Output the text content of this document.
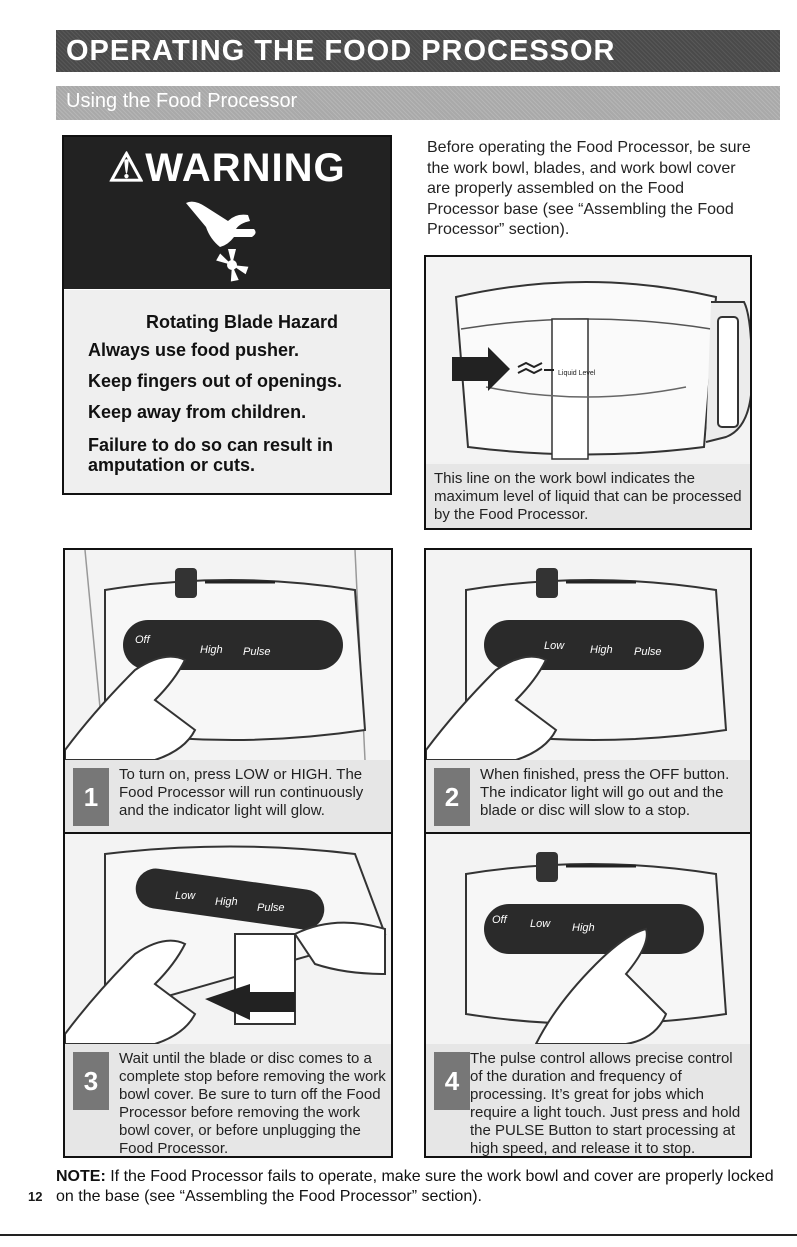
OPERATING THE FOOD PROCESSOR
Using the Food Processor
⚠WARNING
Rotating Blade Hazard
Always use food pusher.
Keep fingers out of openings.
Keep away from children.
Failure to do so can result in
amputation or cuts.
Before operating the Food Processor, be sure the work bowl, blades, and work bowl cover are properly assembled on the Food Processor base (see “Assembling the Food Processor” section).
Liquid Level
This line on the work bowl indicates the maximum level of liquid that can be processed by the Food Processor.
Off
High Pulse
1
To turn on, press LOW or HIGH. The Food Processor will run continuously and the indicator light will glow.
Low High Pulse
2
When finished, press the OFF button. The indicator light will go out and the blade or disc will slow to a stop.
Low High Pulse
3
Wait until the blade or disc comes to a complete stop before removing the work bowl cover. Be sure to turn off the Food Processor before removing the work bowl cover, or before unplugging the Food Processor.
Off Low High
4
The pulse control allows precise control of the duration and frequency of processing. It’s great for jobs which require a light touch. Just press and hold the PULSE Button to start processing at high speed, and release it to stop.
NOTE: If the Food Processor fails to operate, make sure the work bowl and cover are properly locked on the base (see “Assembling the Food Processor” section).
12
